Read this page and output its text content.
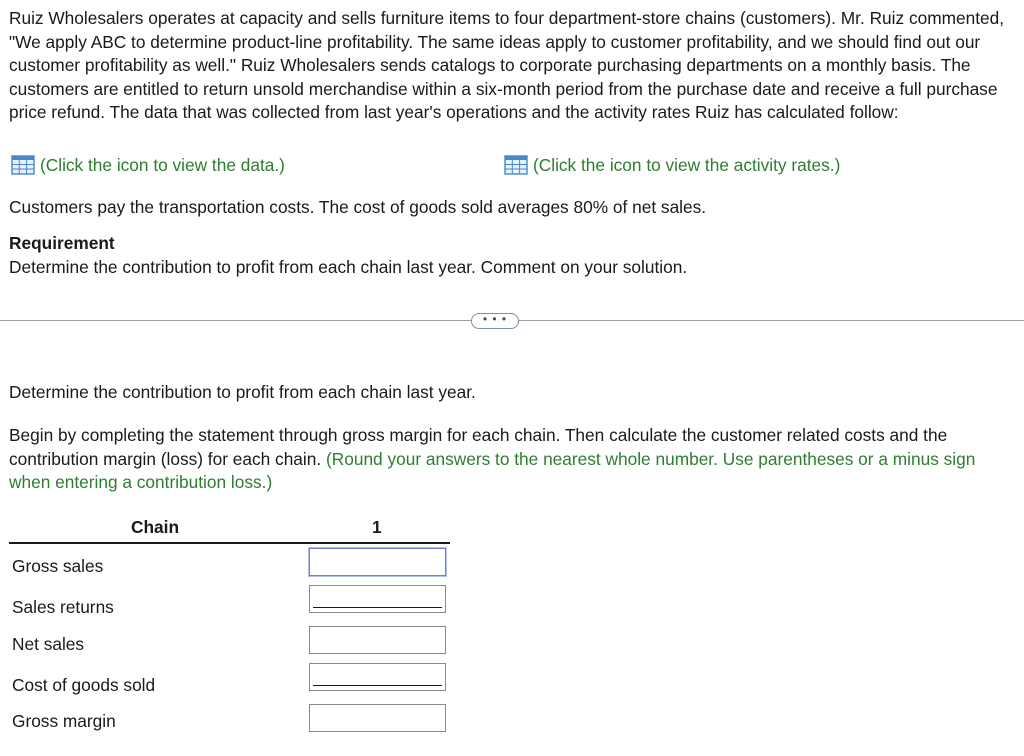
Ruiz Wholesalers operates at capacity and sells furniture items to four department-store chains (customers). Mr. Ruiz commented, "We apply ABC to determine product-line profitability. The same ideas apply to customer profitability, and we should find out our customer profitability as well." Ruiz Wholesalers sends catalogs to corporate purchasing departments on a monthly basis. The customers are entitled to return unsold merchandise within a six-month period from the purchase date and receive a full purchase price refund. The data that was collected from last year's operations and the activity rates Ruiz has calculated follow:

(Click the icon to view the data.)	(Click the icon to view the activity rates.)

Customers pay the transportation costs. The cost of goods sold averages 80% of net sales.

Requirement

Determine the contribution to profit from each chain last year. Comment on your solution.

• • •

Determine the contribution to profit from each chain last year.

Begin by completing the statement through gross margin for each chain. Then calculate the customer related costs and the contribution margin (loss) for each chain. (Round your answers to the nearest whole number. Use parentheses or a minus sign when entering a contribution loss.)

Chain	1
Gross sales
Sales returns
Net sales
Cost of goods sold
Gross margin
